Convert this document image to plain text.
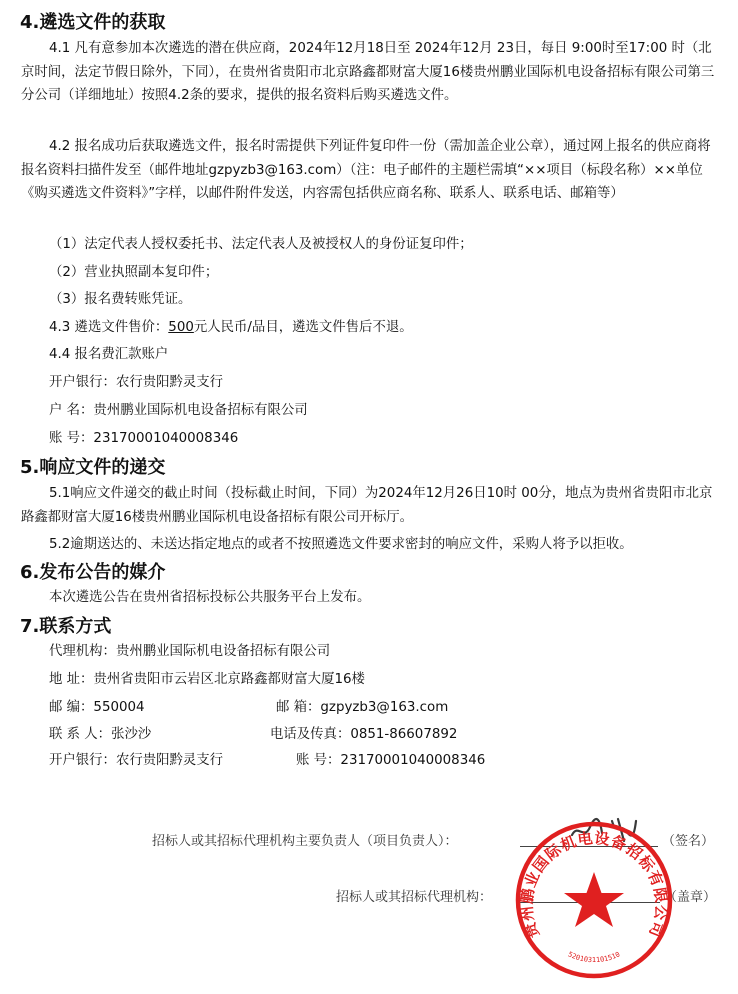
4.遴选文件的获取
4.1 凡有意参加本次遴选的潜在供应商，2024年12月18日至 2024年12月 23日，每日 9:00时至17:00 时（北京时间，法定节假日除外，下同），在贵州省贵阳市北京路鑫都财富大厦16楼贵州鹏业国际机电设备招标有限公司第三分公司（详细地址）按照4.2条的要求，提供的报名资料后购买遴选文件。
4.2 报名成功后获取遴选文件，报名时需提供下列证件复印件一份（需加盖企业公章），通过网上报名的供应商将报名资料扫描件发至（邮件地址gzpyzb3@163.com）（注：电子邮件的主题栏需填“××项目（标段名称）××单位《购买遴选文件资料》”字样，以邮件附件发送，内容需包括供应商名称、联系人、联系电话、邮箱等）
（1）法定代表人授权委托书、法定代表人及被授权人的身份证复印件；
（2）营业执照副本复印件；
（3）报名费转账凭证。
4.3 遴选文件售价：500元人民币/品目，遴选文件售后不退。
4.4 报名费汇款账户
开户银行：农行贵阳黔灵支行
户 名：贵州鹏业国际机电设备招标有限公司
账 号：23170001040008346
5.响应文件的递交
5.1响应文件递交的截止时间（投标截止时间，下同）为2024年12月26日10时 00分，地点为贵州省贵阳市北京路鑫都财富大厦16楼贵州鹏业国际机电设备招标有限公司开标厅。
5.2逾期送达的、未送达指定地点的或者不按照遴选文件要求密封的响应文件，采购人将予以拒收。
6.发布公告的媒介
本次遴选公告在贵州省招标投标公共服务平台上发布。
7.联系方式
代理机构：贵州鹏业国际机电设备招标有限公司
地 址：贵州省贵阳市云岩区北京路鑫都财富大厦16楼
邮 编：550004	邮 箱：gzpyzb3@163.com
联 系 人：张沙沙	电话及传真：0851-86607892
开户银行：农行贵阳黔灵支行	账 号：23170001040008346
招标人或其招标代理机构主要负责人（项目负责人）：	（签名）
招标人或其招标代理机构：	（盖章）
贵州鹏业国际机电设备招标有限公司
5201031101510
